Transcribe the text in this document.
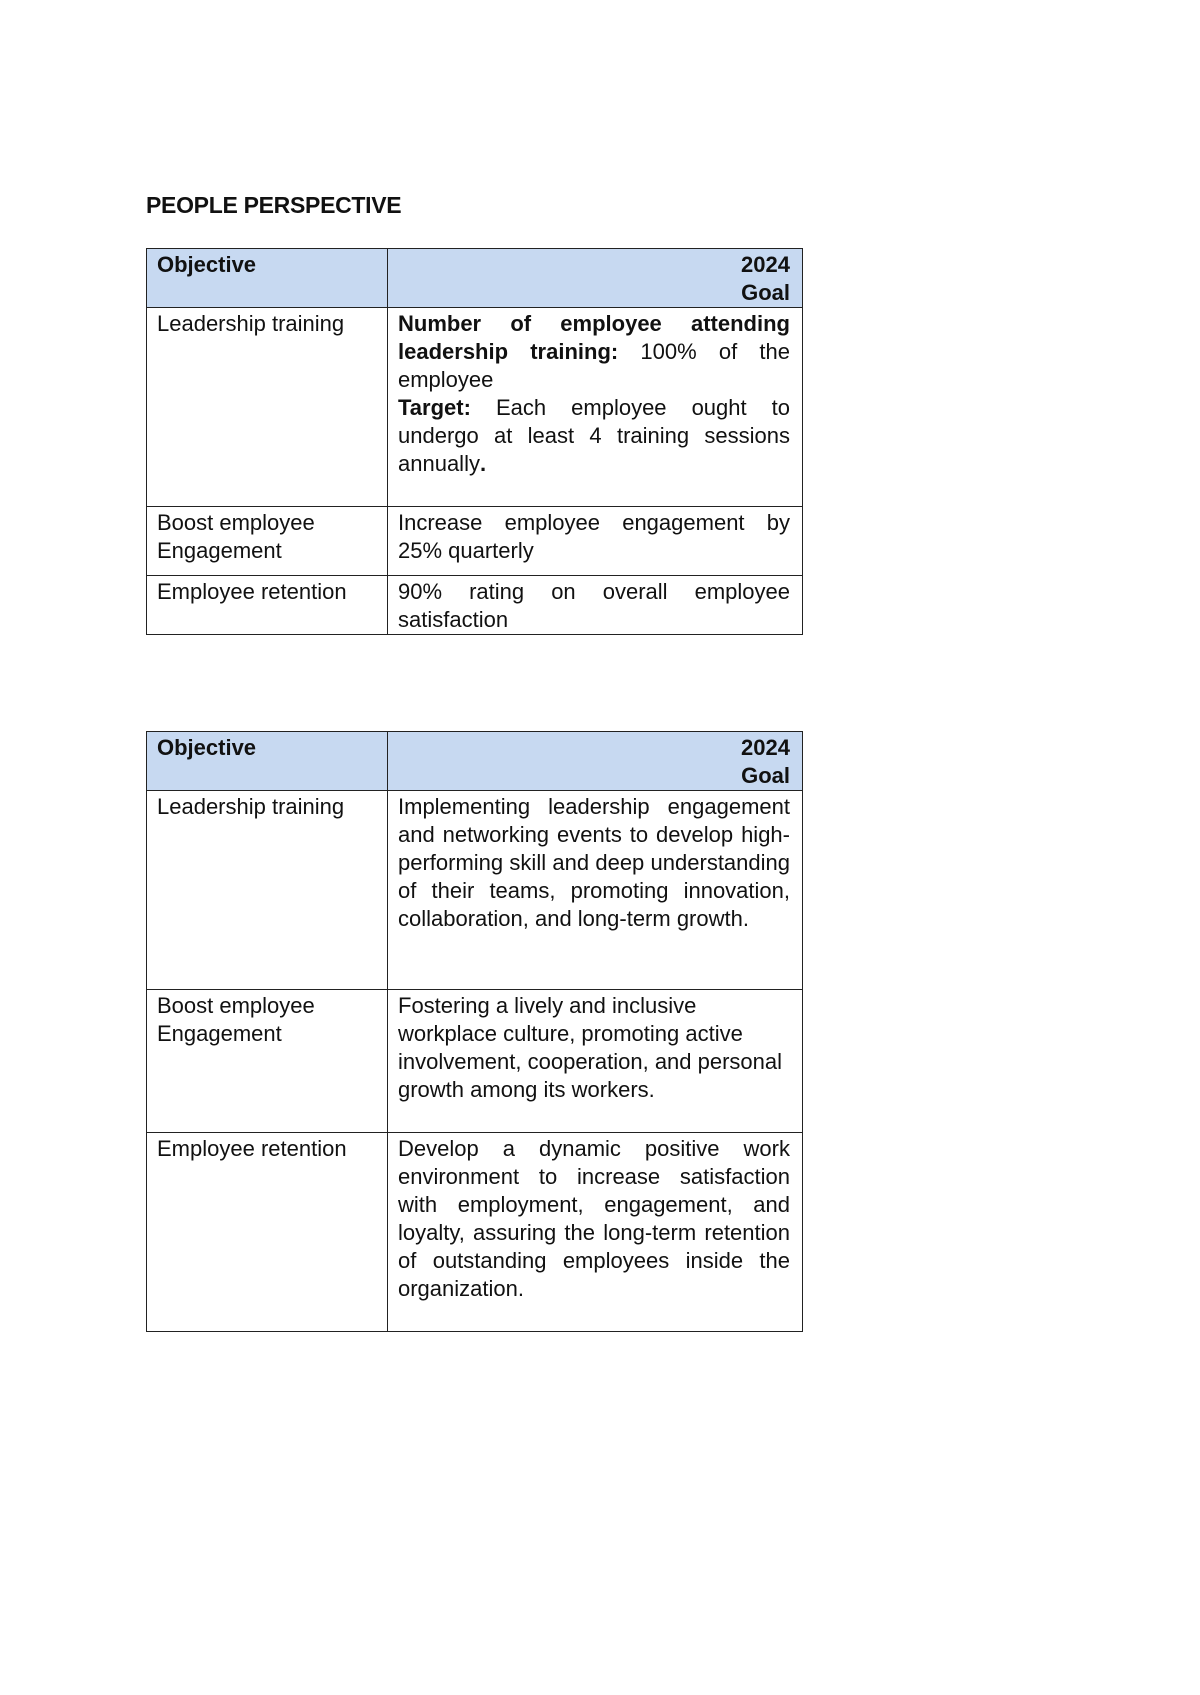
PEOPLE PERSPECTIVE
Objective	2024
Goal
Leadership training	Number of employee attending leadership training: 100% of the employee
Target: Each employee ought to undergo at least 4 training sessions annually.
Boost employee Engagement	Increase employee engagement by 25% quarterly
Employee retention	90% rating on overall employee satisfaction
Objective	2024
Goal
Leadership training	Implementing leadership engagement and networking events to develop high-performing skill and deep understanding of their teams, promoting innovation, collaboration, and long-term growth.
Boost employee Engagement	Fostering a lively and inclusive workplace culture, promoting active involvement, cooperation, and personal growth among its workers.
Employee retention	Develop a dynamic positive work environment to increase satisfaction with employment, engagement, and loyalty, assuring the long-term retention of outstanding employees inside the organization.
